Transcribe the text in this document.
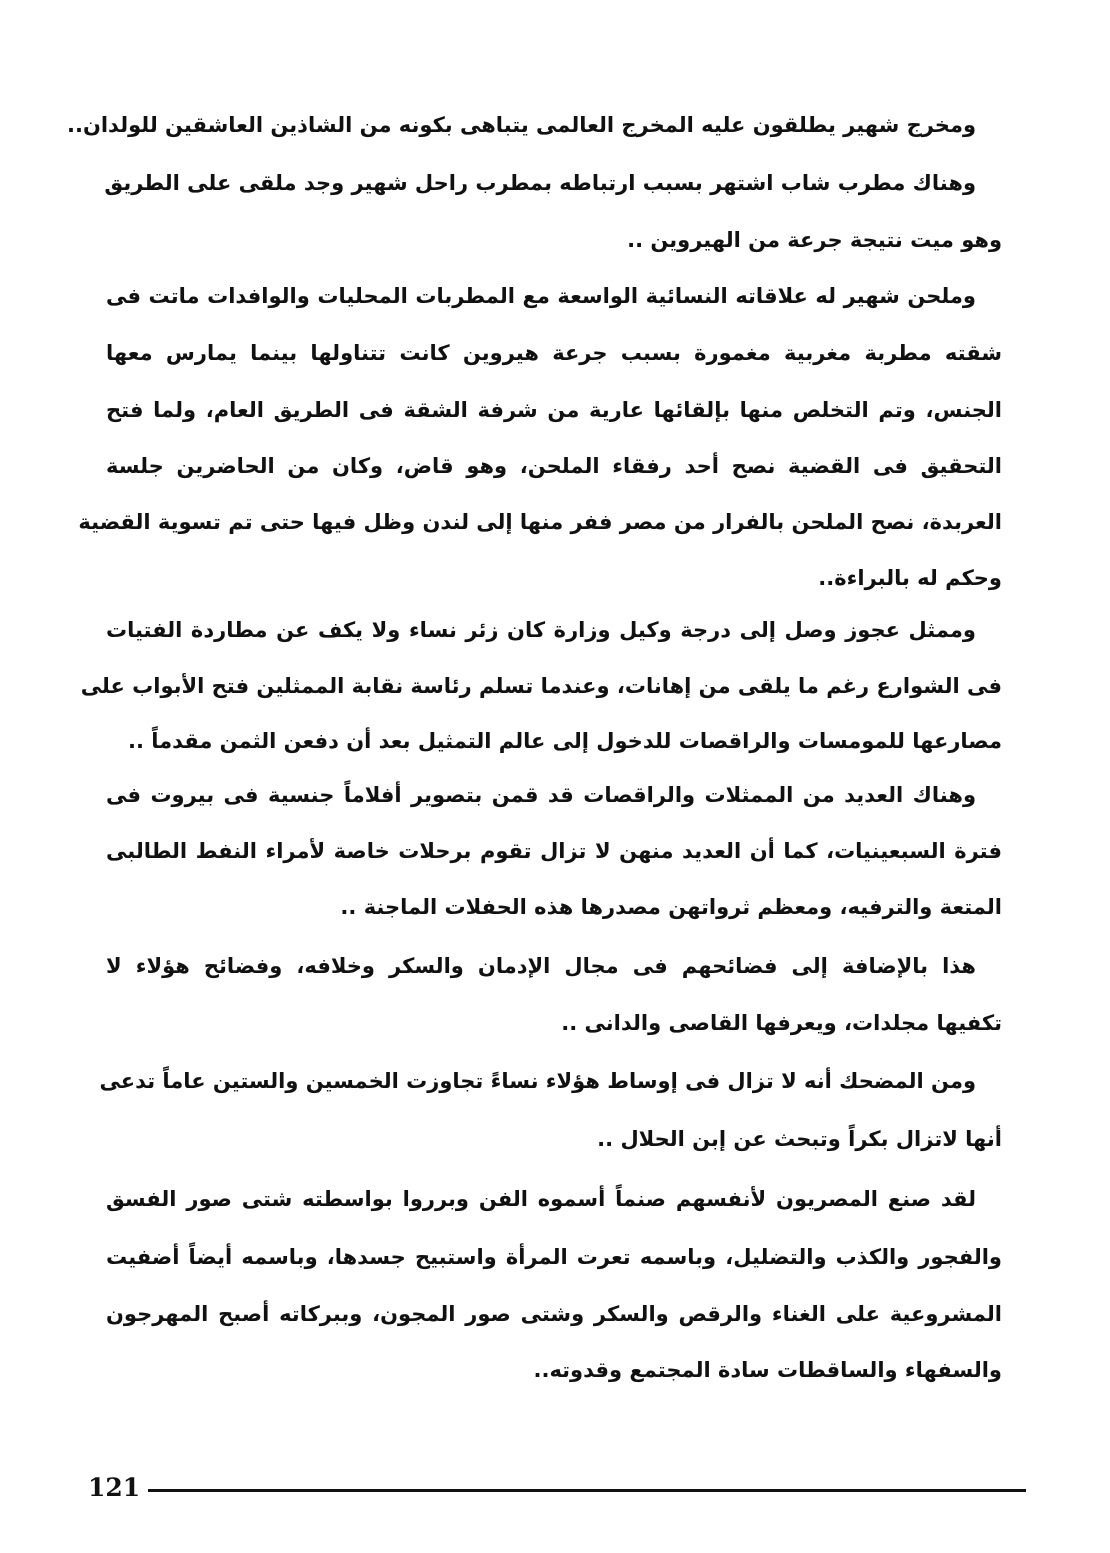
ومخرج شهير يطلقون عليه المخرج العالمى يتباهى بكونه من الشاذين العاشقين للولدان..
وهناك مطرب شاب اشتهر بسبب ارتباطه بمطرب راحل شهير وجد ملقى على الطريق
وهو ميت نتيجة جرعة من الهيروين ..
وملحن شهير له علاقاته النسائية الواسعة مع المطربات المحليات والوافدات ماتت فى
شقته مطربة مغربية مغمورة بسبب جرعة هيروين كانت تتناولها بينما يمارس معها
الجنس، وتم التخلص منها بإلقائها عارية من شرفة الشقة فى الطريق العام، ولما فتح
التحقيق فى القضية نصح أحد رفقاء الملحن، وهو قاض، وكان من الحاضرين جلسة
العربدة، نصح الملحن بالفرار من مصر ففر منها إلى لندن وظل فيها حتى تم تسوية القضية
وحكم له بالبراءة..
وممثل عجوز وصل إلى درجة وكيل وزارة كان زئر نساء ولا يكف عن مطاردة الفتيات
فى الشوارع رغم ما يلقى من إهانات، وعندما تسلم رئاسة نقابة الممثلين فتح الأبواب على
مصارعها للمومسات والراقصات للدخول إلى عالم التمثيل بعد أن دفعن الثمن مقدماً ..
وهناك العديد من الممثلات والراقصات قد قمن بتصوير أفلاماً جنسية فى بيروت فى
فترة السبعينيات، كما أن العديد منهن لا تزال تقوم برحلات خاصة لأمراء النفط الطالبى
المتعة والترفيه، ومعظم ثرواتهن مصدرها هذه الحفلات الماجنة ..
هذا بالإضافة إلى فضائحهم فى مجال الإدمان والسكر وخلافه، وفضائح هؤلاء لا
تكفيها مجلدات، ويعرفها القاصى والدانى ..
ومن المضحك أنه لا تزال فى إوساط هؤلاء نساءً تجاوزت الخمسين والستين عاماً تدعى
أنها لاتزال بكراً وتبحث عن إبن الحلال ..
لقد صنع المصريون لأنفسهم صنماً أسموه الفن وبرروا بواسطته شتى صور الفسق
والفجور والكذب والتضليل، وباسمه تعرت المرأة واستبيح جسدها، وباسمه أيضاً أضفيت
المشروعية على الغناء والرقص والسكر وشتى صور المجون، وببركاته أصبح المهرجون
والسفهاء والساقطات سادة المجتمع وقدوته..
121
